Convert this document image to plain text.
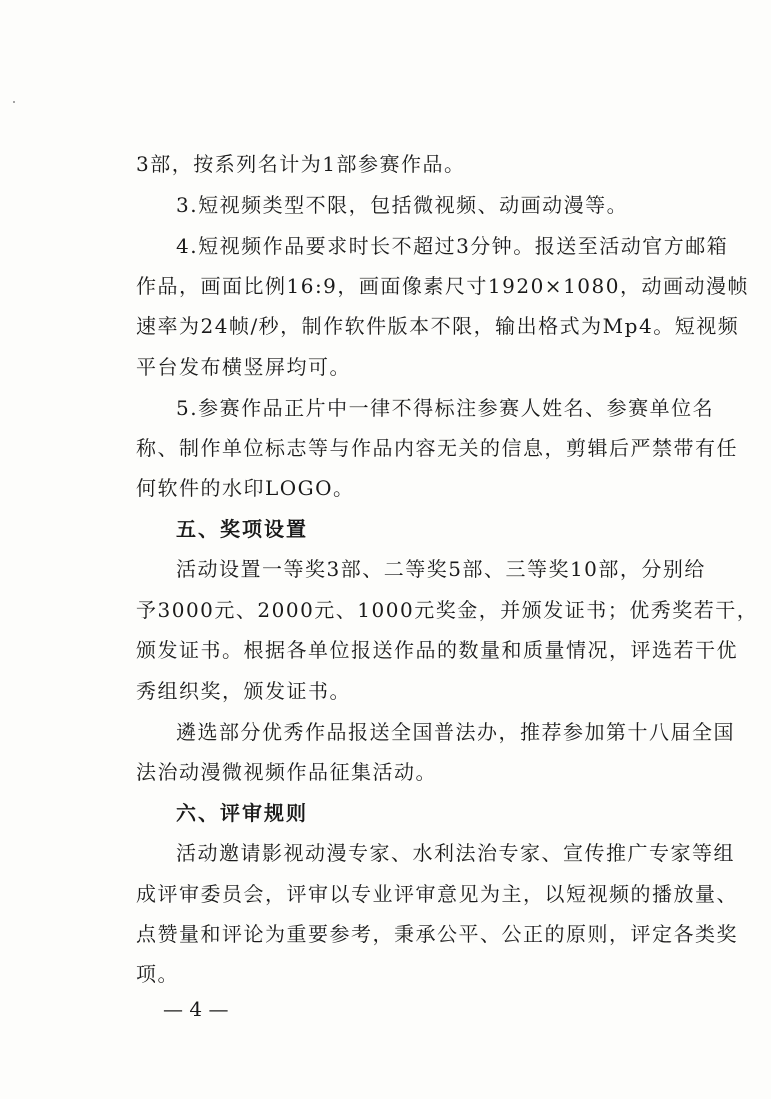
3部，按系列名计为1部参赛作品。
3.短视频类型不限，包括微视频、动画动漫等。
4.短视频作品要求时长不超过3分钟。报送至活动官方邮箱
作品，画面比例16:9，画面像素尺寸1920×1080，动画动漫帧
速率为24帧/秒，制作软件版本不限，输出格式为Mp4。短视频
平台发布横竖屏均可。
5.参赛作品正片中一律不得标注参赛人姓名、参赛单位名
称、制作单位标志等与作品内容无关的信息，剪辑后严禁带有任
何软件的水印LOGO。
五、奖项设置
活动设置一等奖3部、二等奖5部、三等奖10部，分别给
予3000元、2000元、1000元奖金，并颁发证书；优秀奖若干，
颁发证书。根据各单位报送作品的数量和质量情况，评选若干优
秀组织奖，颁发证书。
遴选部分优秀作品报送全国普法办，推荐参加第十八届全国
法治动漫微视频作品征集活动。
六、评审规则
活动邀请影视动漫专家、水利法治专家、宣传推广专家等组
成评审委员会，评审以专业评审意见为主，以短视频的播放量、
点赞量和评论为重要参考，秉承公平、公正的原则，评定各类奖
项。
— 4 —
